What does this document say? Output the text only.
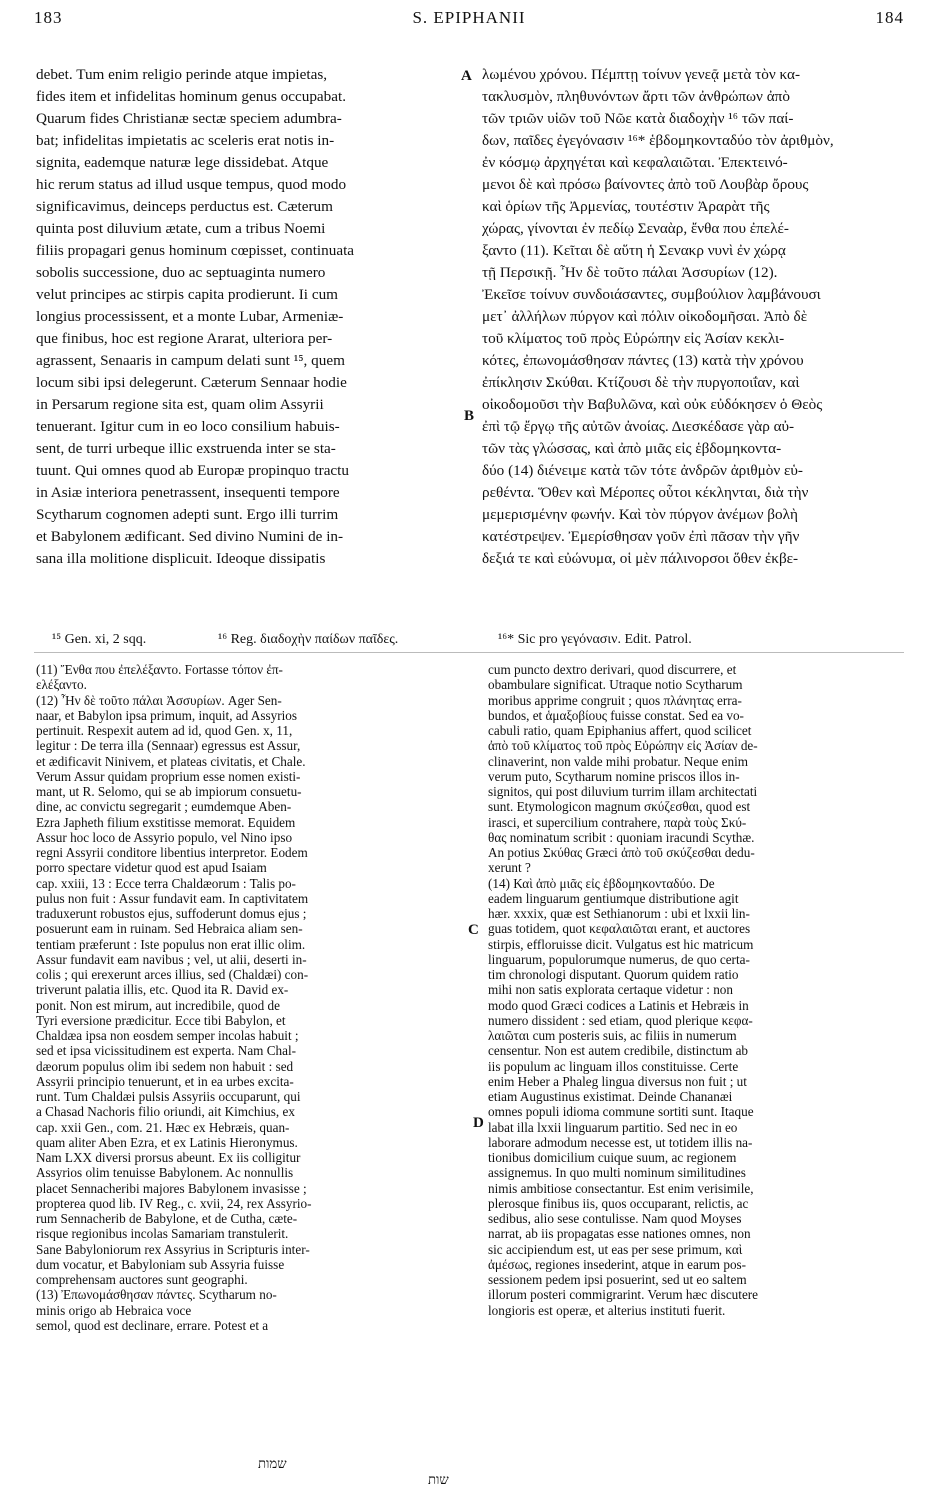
183	S. EPIPHANII	184
A
B
C
D
debet. Tum enim religio perinde atque impietas,
fides item et infidelitas hominum genus occupabat.
Quarum fides Christianæ sectæ speciem adumbra-
bat; infidelitas impietatis ac sceleris erat notis in-
signita, eademque naturæ lege dissidebat. Atque
hic rerum status ad illud usque tempus, quod modo
significavimus, deinceps perductus est. Cæterum
quinta post diluvium ætate, cum a tribus Noemi
filiis propagari genus hominum cœpisset, continuata
sobolis successione, duo ac septuaginta numero
velut principes ac stirpis capita prodierunt. Ii cum
longius processissent, et a monte Lubar, Armeniæ-
que finibus, hoc est regione Ararat, ulteriora per-
agrassent, Senaaris in campum delati sunt ¹⁵, quem
locum sibi ipsi delegerunt. Cæterum Sennaar hodie
in Persarum regione sita est, quam olim Assyrii
tenuerant. Igitur cum in eo loco consilium habuis-
sent, de turri urbeque illic exstruenda inter se sta-
tuunt. Qui omnes quod ab Europæ propinquo tractu
in Asiæ interiora penetrassent, insequenti tempore
Scytharum cognomen adepti sunt. Ergo illi turrim
et Babylonem ædificant. Sed divino Numini de in-
sana illa molitione displicuit. Ideoque dissipatis
λωμένου χρόνου. Πέμπτῃ τοίνυν γενεᾷ μετὰ τὸν κα-
τακλυσμὸν, πληθυνόντων ἄρτι τῶν ἀνθρώπων ἀπὸ
τῶν τριῶν υἱῶν τοῦ Νῶε κατὰ διαδοχὴν ¹⁶ τῶν παί-
δων, παῖδες ἐγεγόνασιν ¹⁶* ἑβδομηκονταδύο τὸν ἀριθμὸν,
ἐν κόσμῳ ἀρχηγέται καὶ κεφαλαιῶται. Ἐπεκτεινό-
μενοι δὲ καὶ πρόσω βαίνοντες ἀπὸ τοῦ Λουβὰρ ὄρους
καὶ ὁρίων τῆς Ἀρμενίας, τουτέστιν Ἀραρὰτ τῆς
χώρας, γίνονται ἐν πεδίῳ Σεναὰρ, ἔνθα που ἐπελέ-
ξαντο (11). Κεῖται δὲ αὕτη ἡ Σενακρ νυνὶ ἐν χώρᾳ
τῇ Περσικῇ. Ἦν δὲ τοῦτο πάλαι Ἀσσυρίων (12).
Ἐκεῖσε τοίνυν συνδοιάσαντες, συμβούλιον λαμβάνουσι
μετ᾽ ἀλλήλων πύργον καὶ πόλιν οἰκοδομῆσαι. Ἀπὸ δὲ
τοῦ κλίματος τοῦ πρὸς Εὐρώπην εἰς Ἀσίαν κεκλι-
κότες, ἐπωνομάσθησαν πάντες (13) κατὰ τὴν χρόνου
ἐπίκλησιν Σκύθαι. Κτίζουσι δὲ τὴν πυργοποιΐαν, καὶ
οἰκοδομοῦσι τὴν Βαβυλῶνα, καὶ οὐκ εὐδόκησεν ὁ Θεὸς
ἐπὶ τῷ ἔργῳ τῆς αὐτῶν ἀνοίας. Διεσκέδασε γὰρ αὐ-
τῶν τὰς γλώσσας, καὶ ἀπὸ μιᾶς εἰς ἑβδομηκοντα-
δύο (14) διένειμε κατὰ τῶν τότε ἀνδρῶν ἀριθμὸν εὑ-
ρεθέντα. Ὅθεν καὶ Μέροπες οὗτοι κέκληνται, διὰ τὴν
μεμερισμένην φωνήν. Καὶ τὸν πύργον ἀνέμων βολὴ
κατέστρεψεν. Ἐμερίσθησαν γοῦν ἐπὶ πᾶσαν τὴν γῆν
δεξιά τε καὶ εὐώνυμα, οἱ μὲν πάλινορσοι ὅθεν ἐκβε-
¹⁵ Gen. xi, 2 sqq.	¹⁶ Reg. διαδοχὴν παίδων παῖδες.	¹⁶* Sic pro γεγόνασιν. Edit. Patrol.
(11) Ἔνθα που ἐπελέξαντο. Fortasse τόπον ἐπ-
ελέξαντο.
(12) Ἦν δὲ τοῦτο πάλαι Ἀσσυρίων. Ager Sen-
naar, et Babylon ipsa primum, inquit, ad Assyrios
pertinuit. Respexit autem ad id, quod Gen. x, 11,
legitur : De terra illa (Sennaar) egressus est Assur,
et ædificavit Ninivem, et plateas civitatis, et Chale.
Verum Assur quidam proprium esse nomen existi-
mant, ut R. Selomo, qui se ab impiorum consuetu-
dine, ac convictu segregarit ; eumdemque Aben-
Ezra Japheth filium exstitisse memorat. Equidem
Assur hoc loco de Assyrio populo, vel Nino ipso
regni Assyrii conditore libentius interpretor. Eodem
porro spectare videtur quod est apud Isaiam
cap. xxiii, 13 : Ecce terra Chaldæorum : Talis po-
pulus non fuit : Assur fundavit eam. In captivitatem
traduxerunt robustos ejus, suffoderunt domus ejus ;
posuerunt eam in ruinam. Sed Hebraica aliam sen-
tentiam præferunt : Iste populus non erat illic olim.
Assur fundavit eam navibus ; vel, ut alii, deserti in-
colis ; qui erexerunt arces illius, sed (Chaldæi) con-
triverunt palatia illis, etc. Quod ita R. David ex-
ponit. Non est mirum, aut incredibile, quod de
Tyri eversione prædicitur. Ecce tibi Babylon, et
Chaldæa ipsa non eosdem semper incolas habuit ;
sed et ipsa vicissitudinem est experta. Nam Chal-
dæorum populus olim ibi sedem non habuit : sed
Assyrii principio tenuerunt, et in ea urbes excita-
runt. Tum Chaldæi pulsis Assyriis occuparunt, qui
a Chasad Nachoris filio oriundi, ait Kimchius, ex
cap. xxii Gen., com. 21. Hæc ex Hebræis, quan-
quam aliter Aben Ezra, et ex Latinis Hieronymus.
Nam LXX diversi prorsus abeunt. Ex iis colligitur
Assyrios olim tenuisse Babylonem. Ac nonnullis
placet Sennacheribi majores Babylonem invasisse ;
propterea quod lib. IV Reg., c. xvii, 24, rex Assyrio-
rum Sennacherib de Babylone, et de Cutha, cæte-
risque regionibus incolas Samariam transtulerit.
Sane Babyloniorum rex Assyrius in Scripturis inter-
dum vocatur, et Babyloniam sub Assyria fuisse
comprehensam auctores sunt geographi.
(13) Ἐπωνομάσθησαν πάντες. Scytharum no-
minis origo ab Hebraica voce
semol, quod est declinare, errare. Potest et a
cum puncto dextro derivari, quod discurrere, et
obambulare significat. Utraque notio Scytharum
moribus apprime congruit ; quos πλάνητας erra-
bundos, et ἁμαξοβίους fuisse constat. Sed ea vo-
cabuli ratio, quam Epiphanius affert, quod scilicet
ἀπὸ τοῦ κλίματος τοῦ πρὸς Εὐρώπην εἰς Ἀσίαν de-
clinaverint, non valde mihi probatur. Neque enim
verum puto, Scytharum nomine priscos illos in-
signitos, qui post diluvium turrim illam architectati
sunt. Etymologicon magnum σκύζεσθαι, quod est
irasci, et supercilium contrahere, παρὰ τοὺς Σκύ-
θας nominatum scribit : quoniam iracundi Scythæ.
An potius Σκύθας Græci ἀπὸ τοῦ σκύζεσθαι dedu-
xerunt ?
(14) Καὶ ἀπὸ μιᾶς εἰς ἑβδομηκονταδύο. De
eadem linguarum gentiumque distributione agit
hær. xxxix, quæ est Sethianorum : ubi et lxxii lin-
guas totidem, quot κεφαλαιῶται erant, et auctores
stirpis, effloruisse dicit. Vulgatus est hic matricum
linguarum, populorumque numerus, de quo certa-
tim chronologi disputant. Quorum quidem ratio
mihi non satis explorata certaque videtur : non
modo quod Græci codices a Latinis et Hebræis in
numero dissident : sed etiam, quod plerique κεφα-
λαιῶται cum posteris suis, ac filiis in numerum
censentur. Non est autem credibile, distinctum ab
iis populum ac linguam illos constituisse. Certe
enim Heber a Phaleg lingua diversus non fuit ; ut
etiam Augustinus existimat. Deinde Chananæi
omnes populi idioma commune sortiti sunt. Itaque
labat illa lxxii linguarum partitio. Sed nec in eo
laborare admodum necesse est, ut totidem illis na-
tionibus domicilium cuique suum, ac regionem
assignemus. In quo multi nominum similitudines
nimis ambitiose consectantur. Est enim verisimile,
plerosque finibus iis, quos occuparant, relictis, ac
sedibus, alio sese contulisse. Nam quod Moyses
narrat, ab iis propagatas esse nationes omnes, non
sic accipiendum est, ut eas per sese primum, καὶ
ἀμέσως, regiones insederint, atque in earum pos-
sessionem pedem ipsi posuerint, sed ut eo saltem
illorum posteri commigrarint. Verum hæc discutere
longioris est operæ, et alterius instituti fuerit.
שמות
שות
